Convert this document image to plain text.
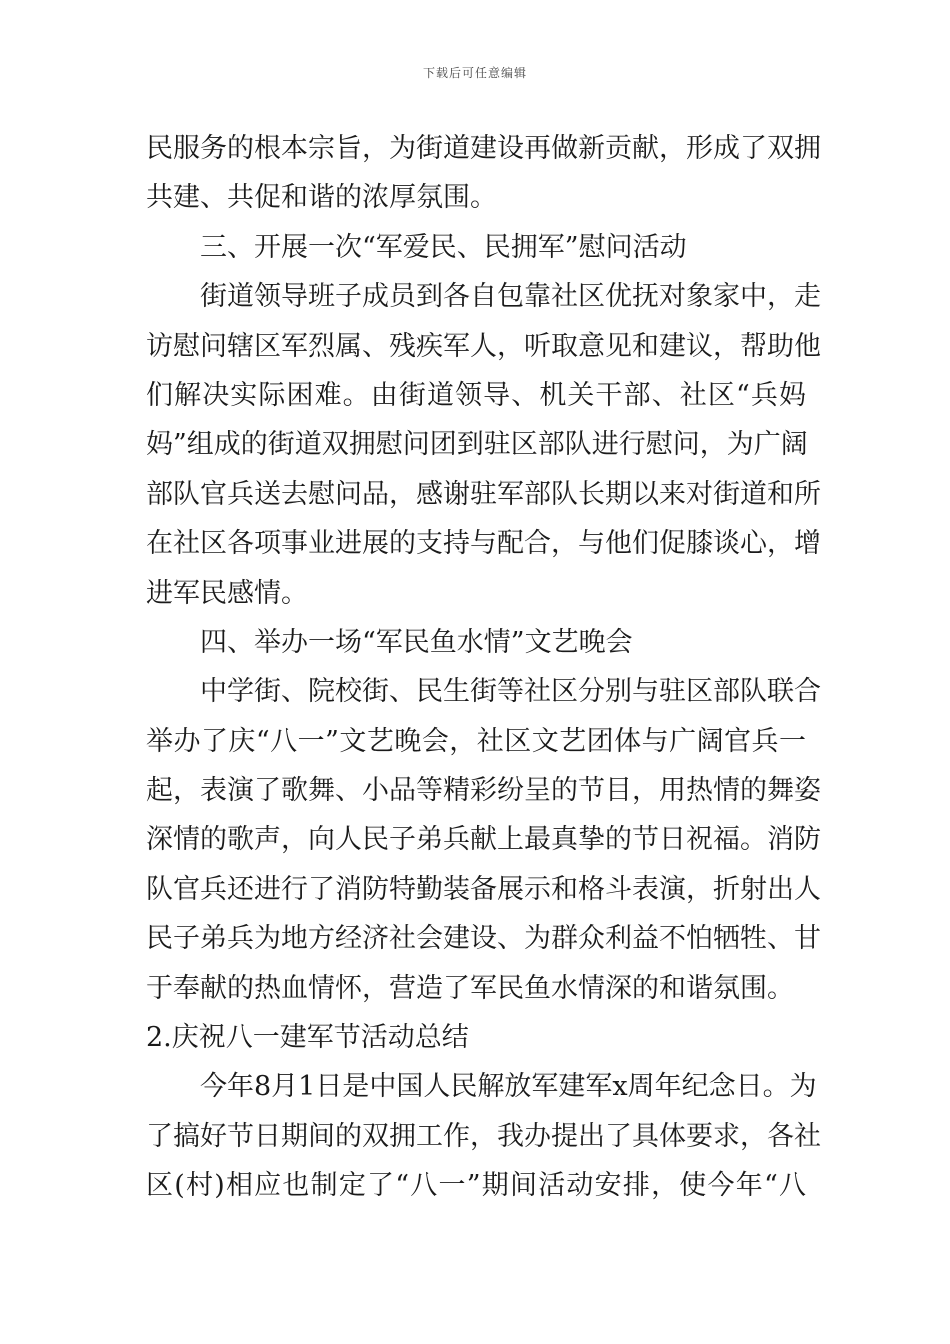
下载后可任意编辑
民服务的根本宗旨，为街道建设再做新贡献，形成了双拥
共建、共促和谐的浓厚氛围。
三、开展一次“军爱民、民拥军”慰问活动
街道领导班子成员到各自包靠社区优抚对象家中，走
访慰问辖区军烈属、残疾军人，听取意见和建议，帮助他
们解决实际困难。由街道领导、机关干部、社区“兵妈
妈”组成的街道双拥慰问团到驻区部队进行慰问，为广阔
部队官兵送去慰问品，感谢驻军部队长期以来对街道和所
在社区各项事业进展的支持与配合，与他们促膝谈心，增
进军民感情。
四、举办一场“军民鱼水情”文艺晚会
中学街、院校街、民生街等社区分别与驻区部队联合
举办了庆“八一”文艺晚会，社区文艺团体与广阔官兵一
起，表演了歌舞、小品等精彩纷呈的节目，用热情的舞姿
深情的歌声，向人民子弟兵献上最真挚的节日祝福。消防
队官兵还进行了消防特勤装备展示和格斗表演，折射出人
民子弟兵为地方经济社会建设、为群众利益不怕牺牲、甘
于奉献的热血情怀，营造了军民鱼水情深的和谐氛围。
2.庆祝八一建军节活动总结
今年8月1日是中国人民解放军建军x周年纪念日。为
了搞好节日期间的双拥工作，我办提出了具体要求，各社
区(村)相应也制定了“八一”期间活动安排，使今年“八
